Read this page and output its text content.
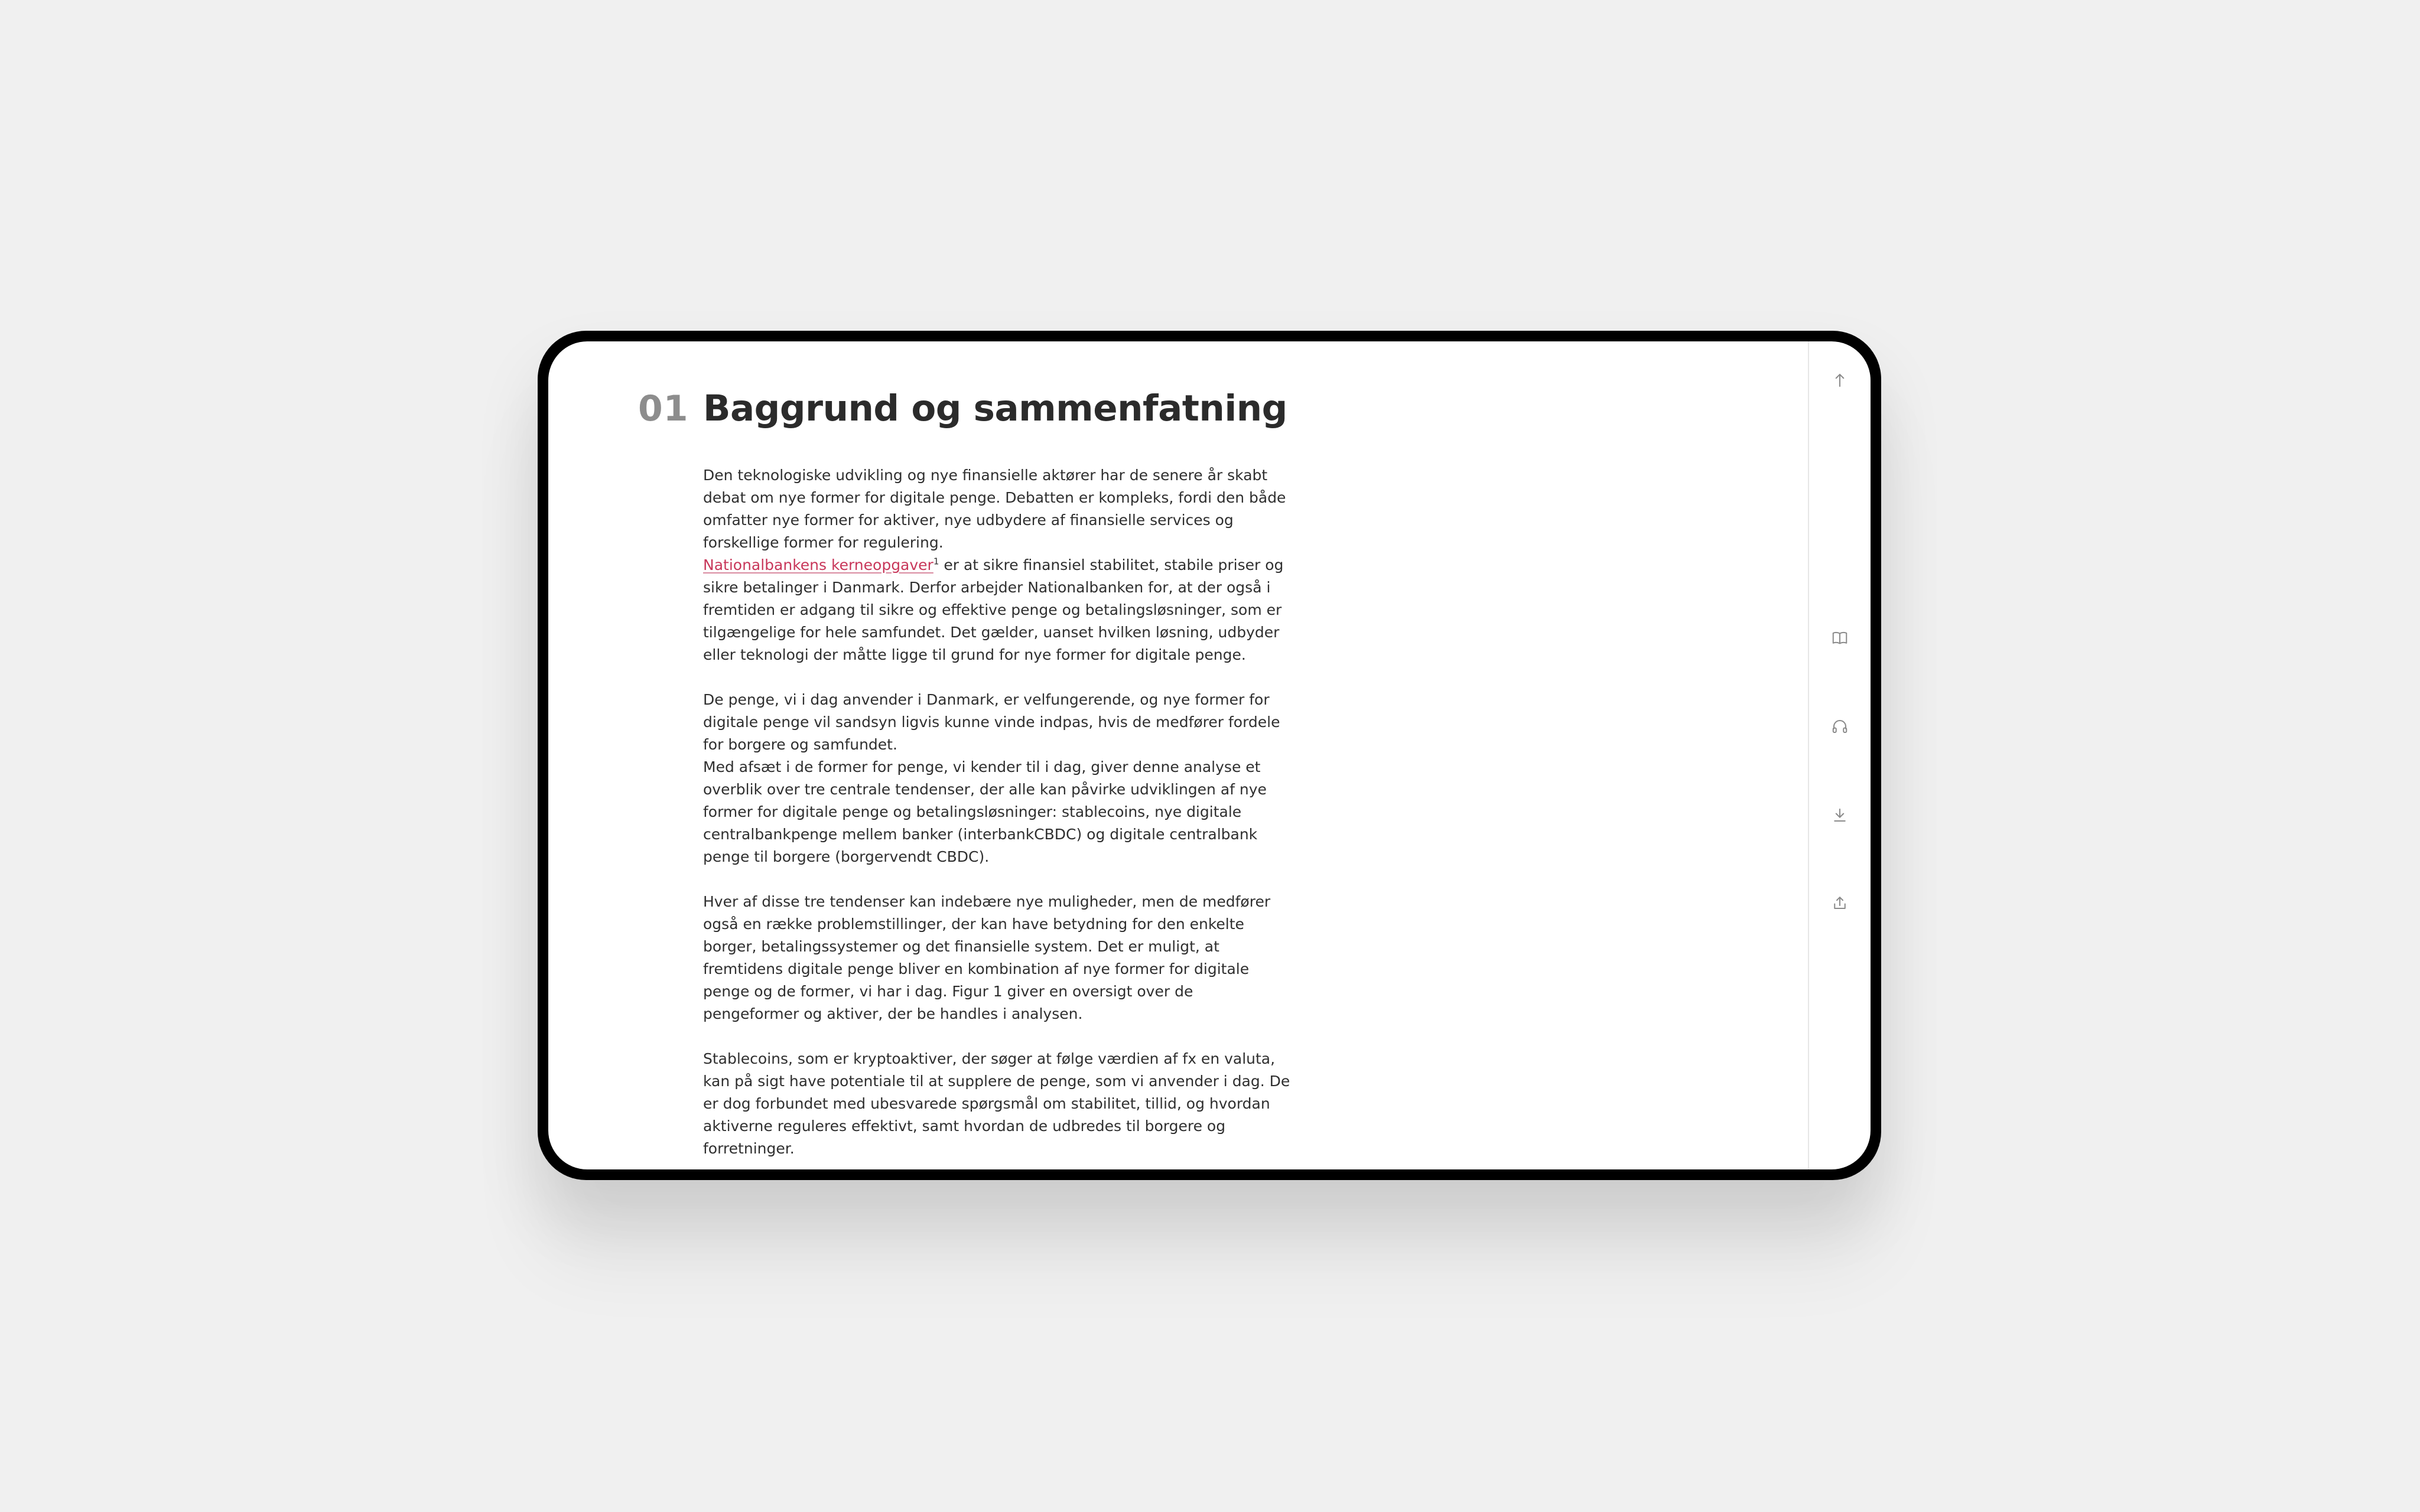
01 Baggrund og sammenfatning

Den teknologiske udvikling og nye finansielle aktører har de senere år skabt
debat om nye former for digitale penge. Debatten er kompleks, fordi den både
omfatter nye former for aktiver, nye udbydere af finansielle services og
forskellige former for regulering.
Nationalbankens kerneopgaver$^1$ er at sikre finansiel stabilitet, stabile priser og
sikre betalinger i Danmark. Derfor arbejder Nationalbanken for, at der også i
fremtiden er adgang til sikre og effektive penge og betalingsløsninger, som er
tilgængelige for hele samfundet. Det gælder, uanset hvilken løsning, udbyder
eller teknologi der måtte ligge til grund for nye former for digitale penge.

De penge, vi i dag anvender i Danmark, er velfungerende, og nye former for
digitale penge vil sandsyn ligvis kunne vinde indpas, hvis de medfører fordele
for borgere og samfundet.
Med afsæt i de former for penge, vi kender til i dag, giver denne analyse et
overblik over tre centrale tendenser, der alle kan påvirke udviklingen af nye
former for digitale penge og betalingsløsninger: stablecoins, nye digitale
centralbankpenge mellem banker (interbankCBDC) og digitale centralbank
penge til borgere (borgervendt CBDC).

Hver af disse tre tendenser kan indebære nye muligheder, men de medfører
også en række problemstillinger, der kan have betydning for den enkelte
borger, betalingssystemer og det finansielle system. Det er muligt, at
fremtidens digitale penge bliver en kombination af nye former for digitale
penge og de former, vi har i dag. Figur 1 giver en oversigt over de
pengeformer og aktiver, der be handles i analysen.

Stablecoins, som er kryptoaktiver, der søger at følge værdien af fx en valuta,
kan på sigt have potentiale til at supplere de penge, som vi anvender i dag. De
er dog forbundet med ubesvarede spørgsmål om stabilitet, tillid, og hvordan
aktiverne reguleres effektivt, samt hvordan de udbredes til borgere og
forretninger.
